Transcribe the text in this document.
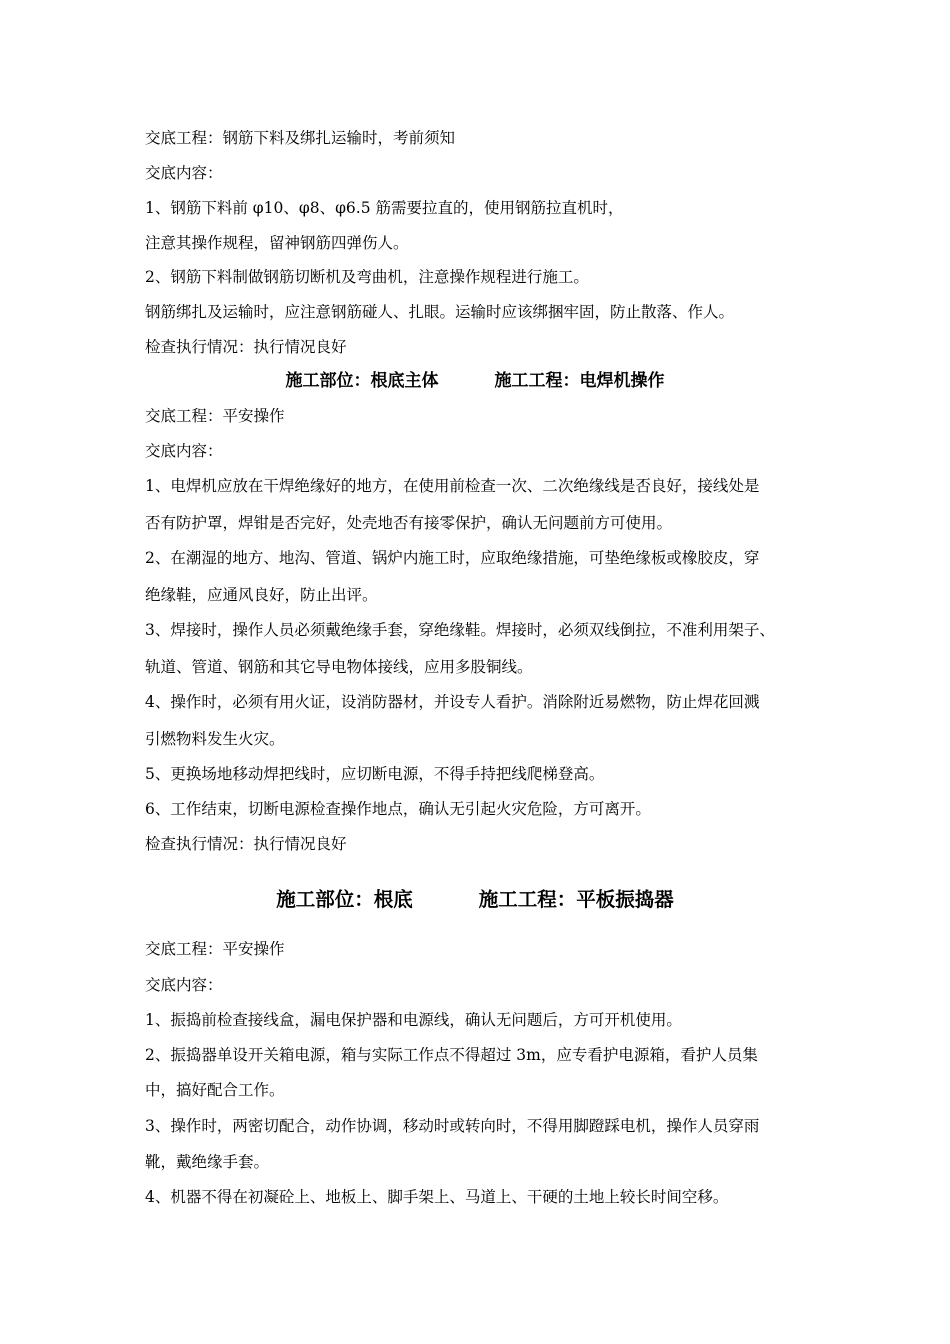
交底工程：钢筋下料及绑扎运输时，考前须知
交底内容：
1、钢筋下料前 φ10、φ8、φ6.5 筋需要拉直的，使用钢筋拉直机时，
注意其操作规程，留神钢筋四弹伤人。
2、钢筋下料制做钢筋切断机及弯曲机，注意操作规程进行施工。
钢筋绑扎及运输时，应注意钢筋碰人、扎眼。运输时应该绑捆牢固，防止散落、作人。
检查执行情况：执行情况良好
施工部位：根底主体	施工工程：电焊机操作
交底工程：平安操作
交底内容：
1、电焊机应放在干焊绝缘好的地方，在使用前检查一次、二次绝缘线是否良好，接线处是
否有防护罩，焊钳是否完好，处壳地否有接零保护，确认无问题前方可使用。
2、在潮湿的地方、地沟、管道、锅炉内施工时，应取绝缘措施，可垫绝缘板或橡胶皮，穿
绝缘鞋，应通风良好，防止出评。
3、焊接时，操作人员必须戴绝缘手套，穿绝缘鞋。焊接时，必须双线倒拉，不准利用架子、
轨道、管道、钢筋和其它导电物体接线，应用多股铜线。
4、操作时，必须有用火证，设消防器材，并设专人看护。消除附近易燃物，防止焊花回溅
引燃物料发生火灾。
5、更换场地移动焊把线时，应切断电源，不得手持把线爬梯登高。
6、工作结束，切断电源检查操作地点，确认无引起火灾危险，方可离开。
检查执行情况：执行情况良好
施工部位：根底	施工工程：平板振捣器
交底工程：平安操作
交底内容：
1、振捣前检查接线盒，漏电保护器和电源线，确认无问题后，方可开机使用。
2、振捣器单设开关箱电源，箱与实际工作点不得超过 3m，应专看护电源箱，看护人员集
中，搞好配合工作。
3、操作时，两密切配合，动作协调，移动时或转向时，不得用脚蹬踩电机，操作人员穿雨
靴，戴绝缘手套。
4、机器不得在初凝砼上、地板上、脚手架上、马道上、干硬的土地上较长时间空移。
